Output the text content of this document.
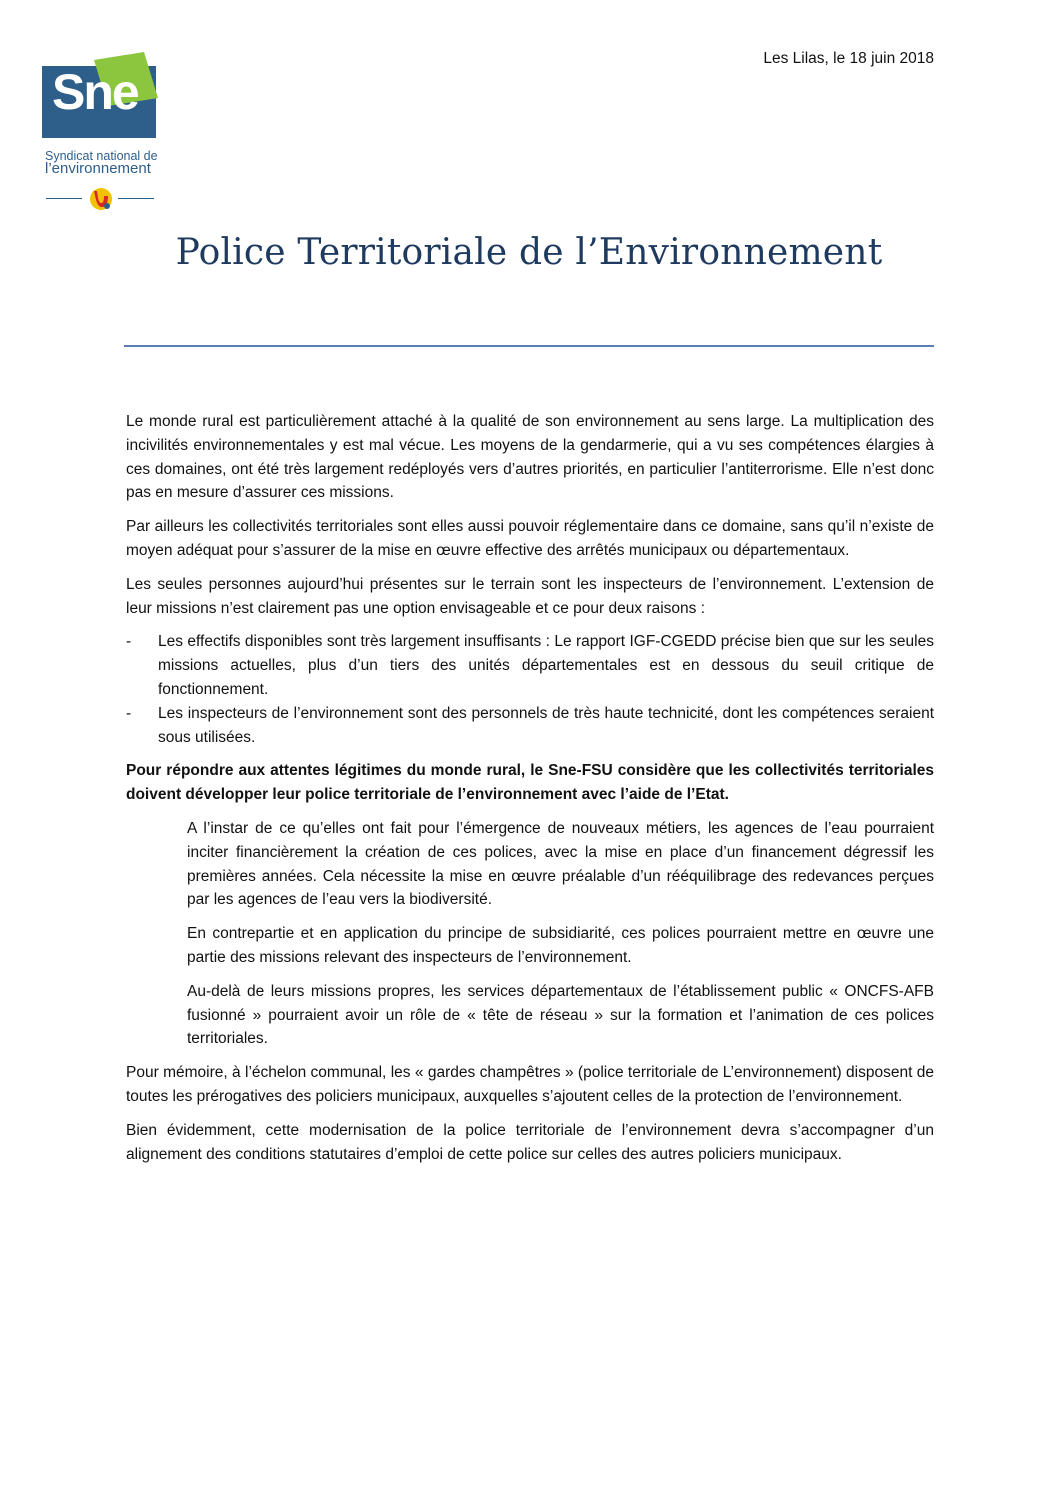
Sne
Syndicat national de
l’environnement
Les Lilas, le 18 juin 2018
Police Territoriale de l’Environnement

Le monde rural est particulièrement attaché à la qualité de son environnement au sens large. La multiplication des incivilités environnementales y est mal vécue. Les moyens de la gendarmerie, qui a vu ses compétences élargies à ces domaines, ont été très largement redéployés vers d’autres priorités, en particulier l’antiterrorisme. Elle n’est donc pas en mesure d’assurer ces missions.

Par ailleurs les collectivités territoriales sont elles aussi pouvoir réglementaire dans ce domaine, sans qu’il n’existe de moyen adéquat pour s’assurer de la mise en œuvre effective des arrêtés municipaux ou départementaux.

Les seules personnes aujourd’hui présentes sur le terrain sont les inspecteurs de l’environnement. L’extension de leur missions n’est clairement pas une option envisageable et ce pour deux raisons :

- Les effectifs disponibles sont très largement insuffisants : Le rapport IGF-CGEDD précise bien que sur les seules missions actuelles, plus d’un tiers des unités départementales est en dessous du seuil critique de fonctionnement.
- Les inspecteurs de l’environnement sont des personnels de très haute technicité, dont les compétences seraient sous utilisées.

Pour répondre aux attentes légitimes du monde rural, le Sne-FSU considère que les collectivités territoriales doivent développer leur police territoriale de l’environnement avec l’aide de l’Etat.

A l’instar de ce qu’elles ont fait pour l’émergence de nouveaux métiers, les agences de l’eau pourraient inciter financièrement la création de ces polices, avec la mise en place d’un financement dégressif les premières années. Cela nécessite la mise en œuvre préalable d’un rééquilibrage des redevances perçues par les agences de l’eau vers la biodiversité.

En contrepartie et en application du principe de subsidiarité, ces polices pourraient mettre en œuvre une partie des missions relevant des inspecteurs de l’environnement.

Au-delà de leurs missions propres, les services départementaux de l’établissement public « ONCFS-AFB fusionné » pourraient avoir un rôle de « tête de réseau » sur la formation et l’animation de ces polices territoriales.

Pour mémoire, à l’échelon communal, les « gardes champêtres » (police territoriale de L’environnement) disposent de toutes les prérogatives des policiers municipaux, auxquelles s’ajoutent celles de la protection de l’environnement.

Bien évidemment, cette modernisation de la police territoriale de l’environnement devra s’accompagner d’un alignement des conditions statutaires d’emploi de cette police sur celles des autres policiers municipaux.
